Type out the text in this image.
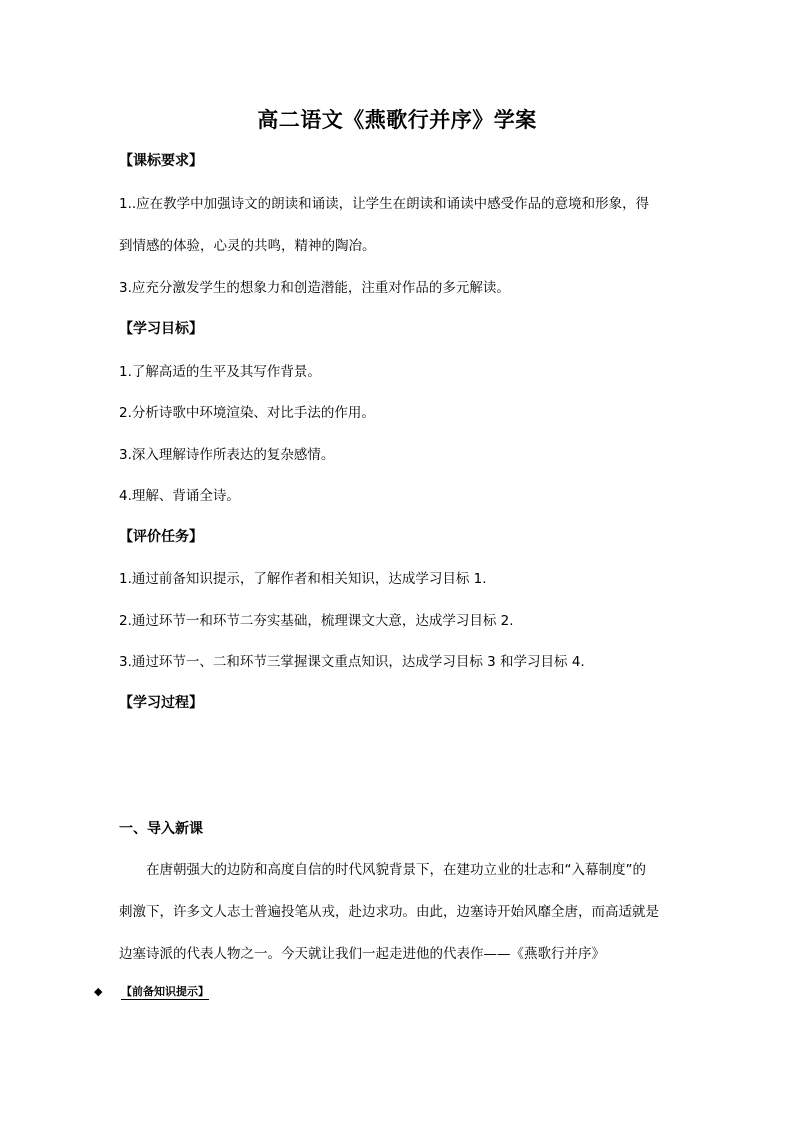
高二语文《燕歌行并序》学案
【课标要求】
1..应在教学中加强诗文的朗读和诵读，让学生在朗读和诵读中感受作品的意境和形象，得
到情感的体验，心灵的共鸣，精神的陶冶。
3.应充分激发学生的想象力和创造潜能，注重对作品的多元解读。
【学习目标】
1.了解高适的生平及其写作背景。
2.分析诗歌中环境渲染、对比手法的作用。
3.深入理解诗作所表达的复杂感情。
4.理解、背诵全诗。
【评价任务】
1.通过前备知识提示，了解作者和相关知识，达成学习目标 1.
2.通过环节一和环节二夯实基础，梳理课文大意，达成学习目标 2.
3.通过环节一、二和环节三掌握课文重点知识，达成学习目标 3 和学习目标 4.
【学习过程】
一、导入新课
在唐朝强大的边防和高度自信的时代风貌背景下，在建功立业的壮志和“入幕制度”的
刺激下，许多文人志士普遍投笔从戎，赴边求功。由此，边塞诗开始风靡全唐，而高适就是
边塞诗派的代表人物之一。今天就让我们一起走进他的代表作——《燕歌行并序》
◆ 【前备知识提示】
